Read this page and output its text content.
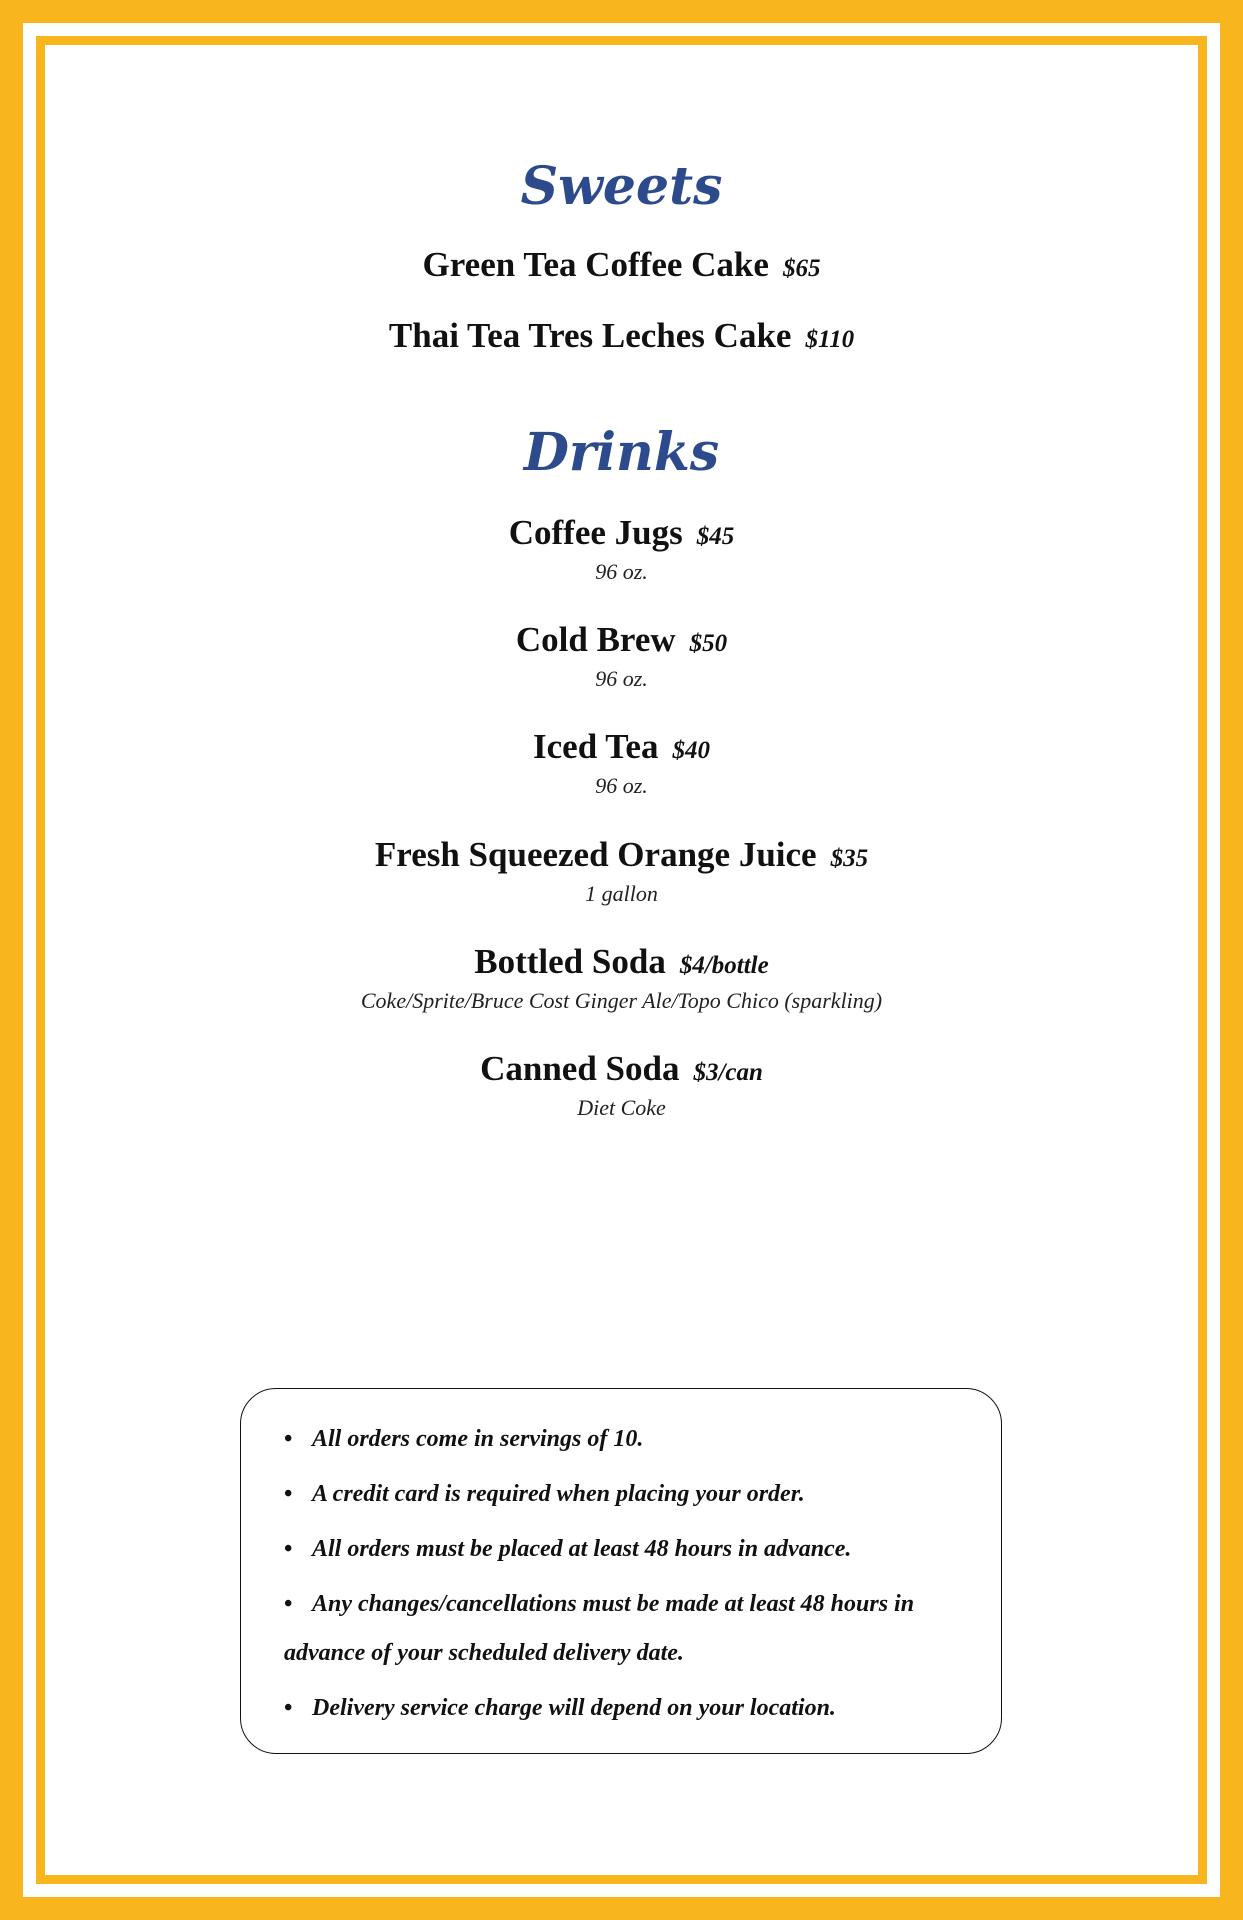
Sweets
Green Tea Coffee Cake $65
Thai Tea Tres Leches Cake $110
Drinks
Coffee Jugs $45
96 oz.
Cold Brew $50
96 oz.
Iced Tea $40
96 oz.
Fresh Squeezed Orange Juice $35
1 gallon
Bottled Soda $4/bottle
Coke/Sprite/Bruce Cost Ginger Ale/Topo Chico (sparkling)
Canned Soda $3/can
Diet Coke

• All orders come in servings of 10.

• A credit card is required when placing your order.

• All orders must be placed at least 48 hours in advance.

• Any changes/cancellations must be made at least 48 hours in advance of your scheduled delivery date.

• Delivery service charge will depend on your location.
